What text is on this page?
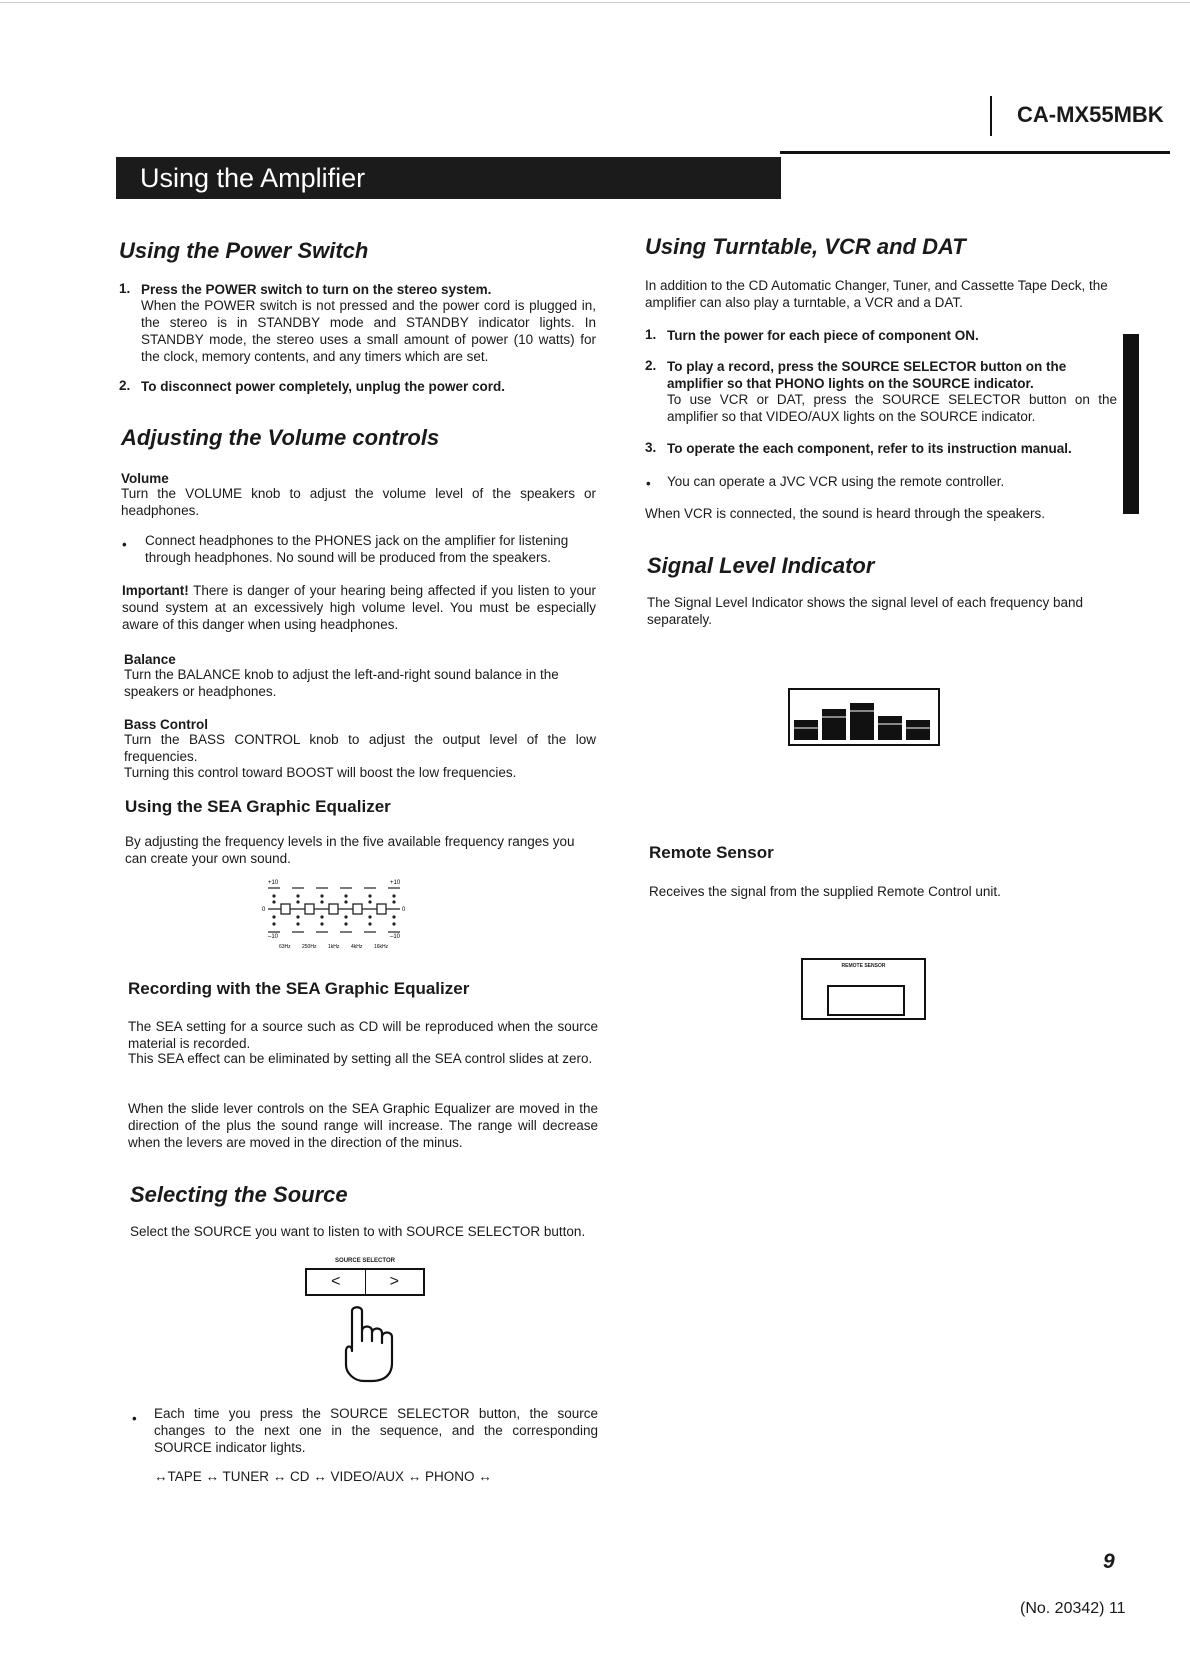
CA-MX55MBK
Using the Amplifier
Using the Power Switch
1. Press the POWER switch to turn on the stereo system.

When the POWER switch is not pressed and the power cord is plugged in, the stereo is in STANDBY mode and STANDBY indicator lights. In STANDBY mode, the stereo uses a small amount of power (10 watts) for the clock, memory contents, and any timers which are set.

2. To disconnect power completely, unplug the power cord.

Adjusting the Volume controls

Volume

Turn the VOLUME knob to adjust the volume level of the speakers or headphones.

• Connect headphones to the PHONES jack on the amplifier for listening through headphones. No sound will be produced from the speakers.

Important! There is danger of your hearing being affected if you listen to your sound system at an excessively high volume level. You must be especially aware of this danger when using headphones.

Balance

Turn the BALANCE knob to adjust the left-and-right sound balance in the speakers or headphones.

Bass Control

Turn the BASS CONTROL knob to adjust the output level of the low frequencies.

Turning this control toward BOOST will boost the low frequencies.

Using the SEA Graphic Equalizer

By adjusting the frequency levels in the five available frequency ranges you can create your own sound.

+10	+10
0	0
–10	–10
63Hz 250Hz 1kHz 4kHz 16kHz
Recording with the SEA Graphic Equalizer

The SEA setting for a source such as CD will be reproduced when the source material is recorded.

This SEA effect can be eliminated by setting all the SEA control slides at zero.

When the slide lever controls on the SEA Graphic Equalizer are moved in the direction of the plus the sound range will increase. The range will decrease when the levers are moved in the direction of the minus.

Selecting the Source

Select the SOURCE you want to listen to with SOURCE SELECTOR button.

SOURCE SELECTOR
<	>
• Each time you press the SOURCE SELECTOR button, the source changes to the next one in the sequence, and the corresponding SOURCE indicator lights.

↔TAPE ↔ TUNER ↔ CD ↔ VIDEO/AUX ↔ PHONO ↔

Using Turntable, VCR and DAT

In addition to the CD Automatic Changer, Tuner, and Cassette Tape Deck, the amplifier can also play a turntable, a VCR and a DAT.

1. Turn the power for each piece of component ON.

2. To play a record, press the SOURCE SELECTOR button on the amplifier so that PHONO lights on the SOURCE indicator.

To use VCR or DAT, press the SOURCE SELECTOR button on the amplifier so that VIDEO/AUX lights on the SOURCE indicator.

3. To operate the each component, refer to its instruction manual.

• You can operate a JVC VCR using the remote controller.

When VCR is connected, the sound is heard through the speakers.

Signal Level Indicator

The Signal Level Indicator shows the signal level of each frequency band separately.

Remote Sensor

Receives the signal from the supplied Remote Control unit.

REMOTE SENSOR
9
(No. 20342) 11
